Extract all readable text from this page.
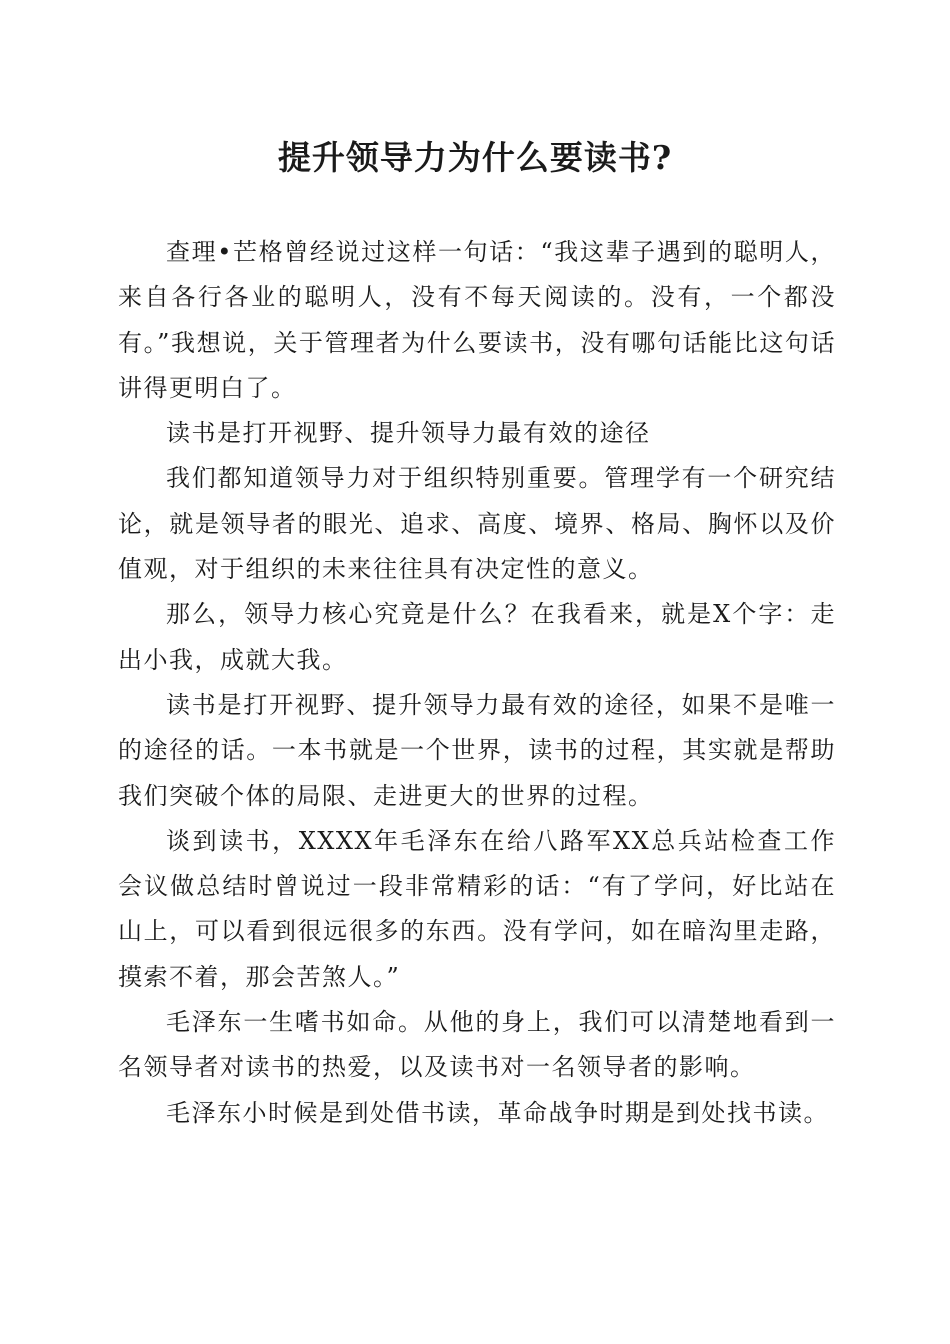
提升领导力为什么要读书?

查理•芒格曾经说过这样一句话：“我这辈子遇到的聪明人，来自各行各业的聪明人，没有不每天阅读的。没有，一个都没有。”我想说，关于管理者为什么要读书，没有哪句话能比这句话讲得更明白了。

读书是打开视野、提升领导力最有效的途径

我们都知道领导力对于组织特别重要。管理学有一个研究结论，就是领导者的眼光、追求、高度、境界、格局、胸怀以及价值观，对于组织的未来往往具有决定性的意义。

那么，领导力核心究竟是什么？在我看来，就是X个字：走出小我，成就大我。

读书是打开视野、提升领导力最有效的途径，如果不是唯一的途径的话。一本书就是一个世界，读书的过程，其实就是帮助我们突破个体的局限、走进更大的世界的过程。

谈到读书，XXXX年毛泽东在给八路军XX总兵站检查工作会议做总结时曾说过一段非常精彩的话：“有了学问，好比站在山上，可以看到很远很多的东西。没有学问，如在暗沟里走路，摸索不着，那会苦煞人。”

毛泽东一生嗜书如命。从他的身上，我们可以清楚地看到一名领导者对读书的热爱，以及读书对一名领导者的影响。

毛泽东小时候是到处借书读，革命战争时期是到处找书读。
